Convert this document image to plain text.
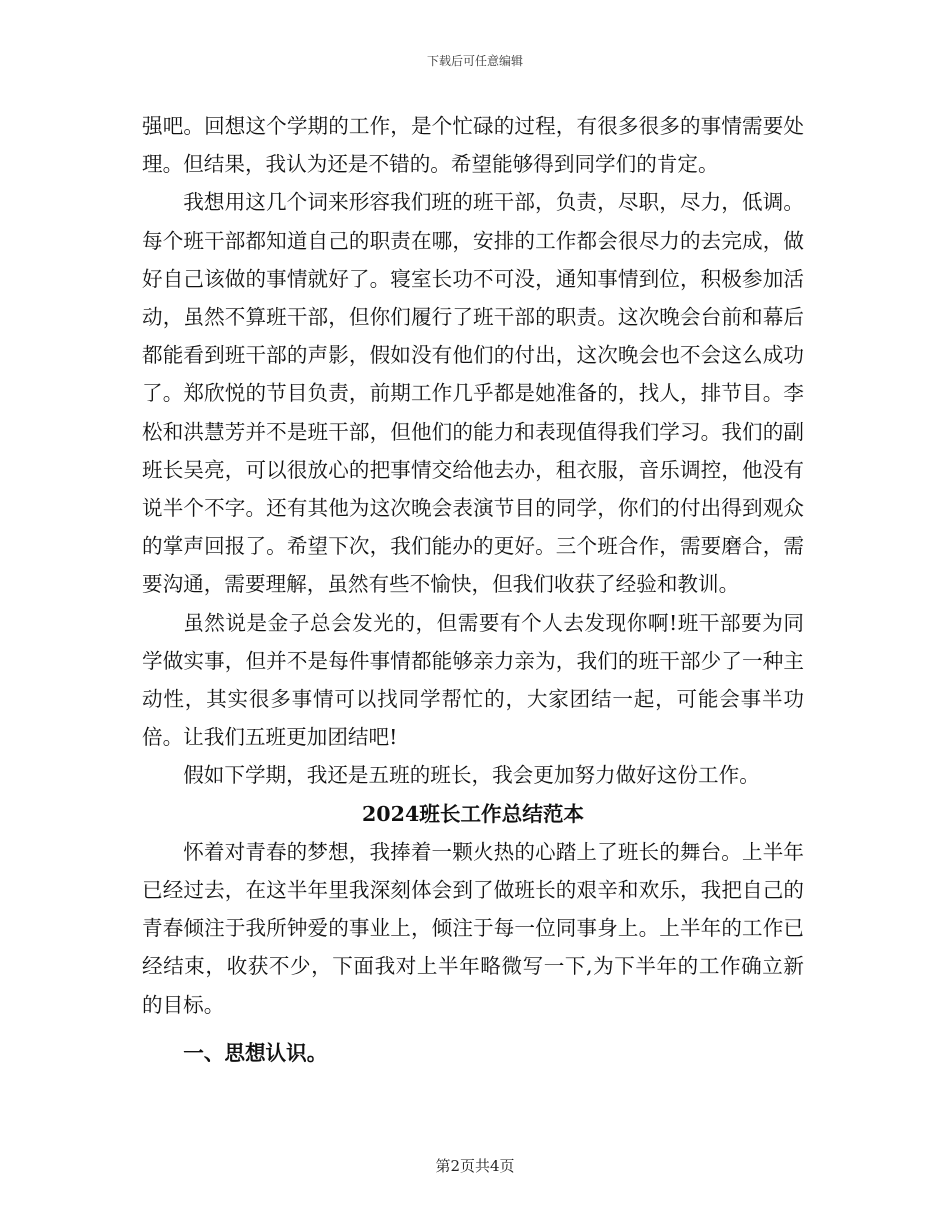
下载后可任意编辑

强吧。回想这个学期的工作，是个忙碌的过程，有很多很多的事情需要处理。但结果，我认为还是不错的。希望能够得到同学们的肯定。

我想用这几个词来形容我们班的班干部，负责，尽职，尽力，低调。每个班干部都知道自己的职责在哪，安排的工作都会很尽力的去完成，做好自己该做的事情就好了。寝室长功不可没，通知事情到位，积极参加活动，虽然不算班干部，但你们履行了班干部的职责。这次晚会台前和幕后都能看到班干部的声影，假如没有他们的付出，这次晚会也不会这么成功了。郑欣悦的节目负责，前期工作几乎都是她准备的，找人，排节目。李松和洪慧芳并不是班干部，但他们的能力和表现值得我们学习。我们的副班长吴亮，可以很放心的把事情交给他去办，租衣服，音乐调控，他没有说半个不字。还有其他为这次晚会表演节目的同学，你们的付出得到观众的掌声回报了。希望下次，我们能办的更好。三个班合作，需要磨合，需要沟通，需要理解，虽然有些不愉快，但我们收获了经验和教训。

虽然说是金子总会发光的，但需要有个人去发现你啊!班干部要为同学做实事，但并不是每件事情都能够亲力亲为，我们的班干部少了一种主动性，其实很多事情可以找同学帮忙的，大家团结一起，可能会事半功倍。让我们五班更加团结吧!

假如下学期，我还是五班的班长，我会更加努力做好这份工作。

2024班长工作总结范本

怀着对青春的梦想，我捧着一颗火热的心踏上了班长的舞台。上半年已经过去，在这半年里我深刻体会到了做班长的艰辛和欢乐，我把自己的青春倾注于我所钟爱的事业上，倾注于每一位同事身上。上半年的工作已经结束，收获不少，下面我对上半年略微写一下,为下半年的工作确立新的目标。

一、思想认识。

第2页共4页
